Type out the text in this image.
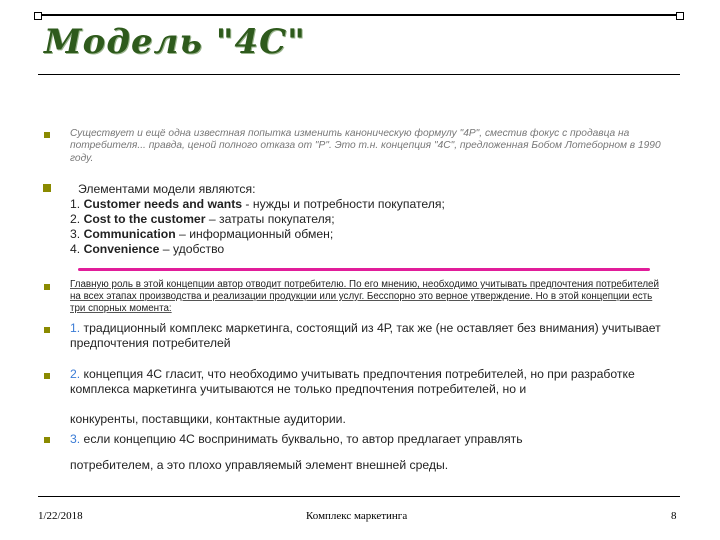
Модель "4С"
Существует и ещё одна известная попытка изменить каноническую формулу "4Р", сместив фокус с продавца на потребителя... правда, ценой полного отказа от "Р". Это т.н. концепция "4С", предложенная Бобом Лотеборном в 1990 году.
Элементами модели являются:
1. Customer needs and wants - нужды и потребности покупателя;
2. Cost to the customer – затраты покупателя;
3. Communication – информационный обмен;
4. Convenience – удобство
Главную роль в этой концепции автор отводит потребителю. По его мнению, необходимо учитывать предпочтения потребителей на всех этапах производства и реализации продукции или услуг. Бесспорно это верное утверждение. Но в этой концепции есть три спорных момента:
1. традиционный комплекс маркетинга, состоящий из 4Р, так же (не оставляет без внимания) учитывает предпочтения потребителей
2. концепция 4С гласит, что необходимо учитывать предпочтения потребителей, но при разработке комплекса маркетинга учитываются не только предпочтения потребителей, но и
конкуренты, поставщики, контактные аудитории.
3. если концепцию 4С воспринимать буквально, то автор предлагает управлять
потребителем, а это плохо управляемый элемент внешней среды.
1/22/2018	Комплекс маркетинга	8
